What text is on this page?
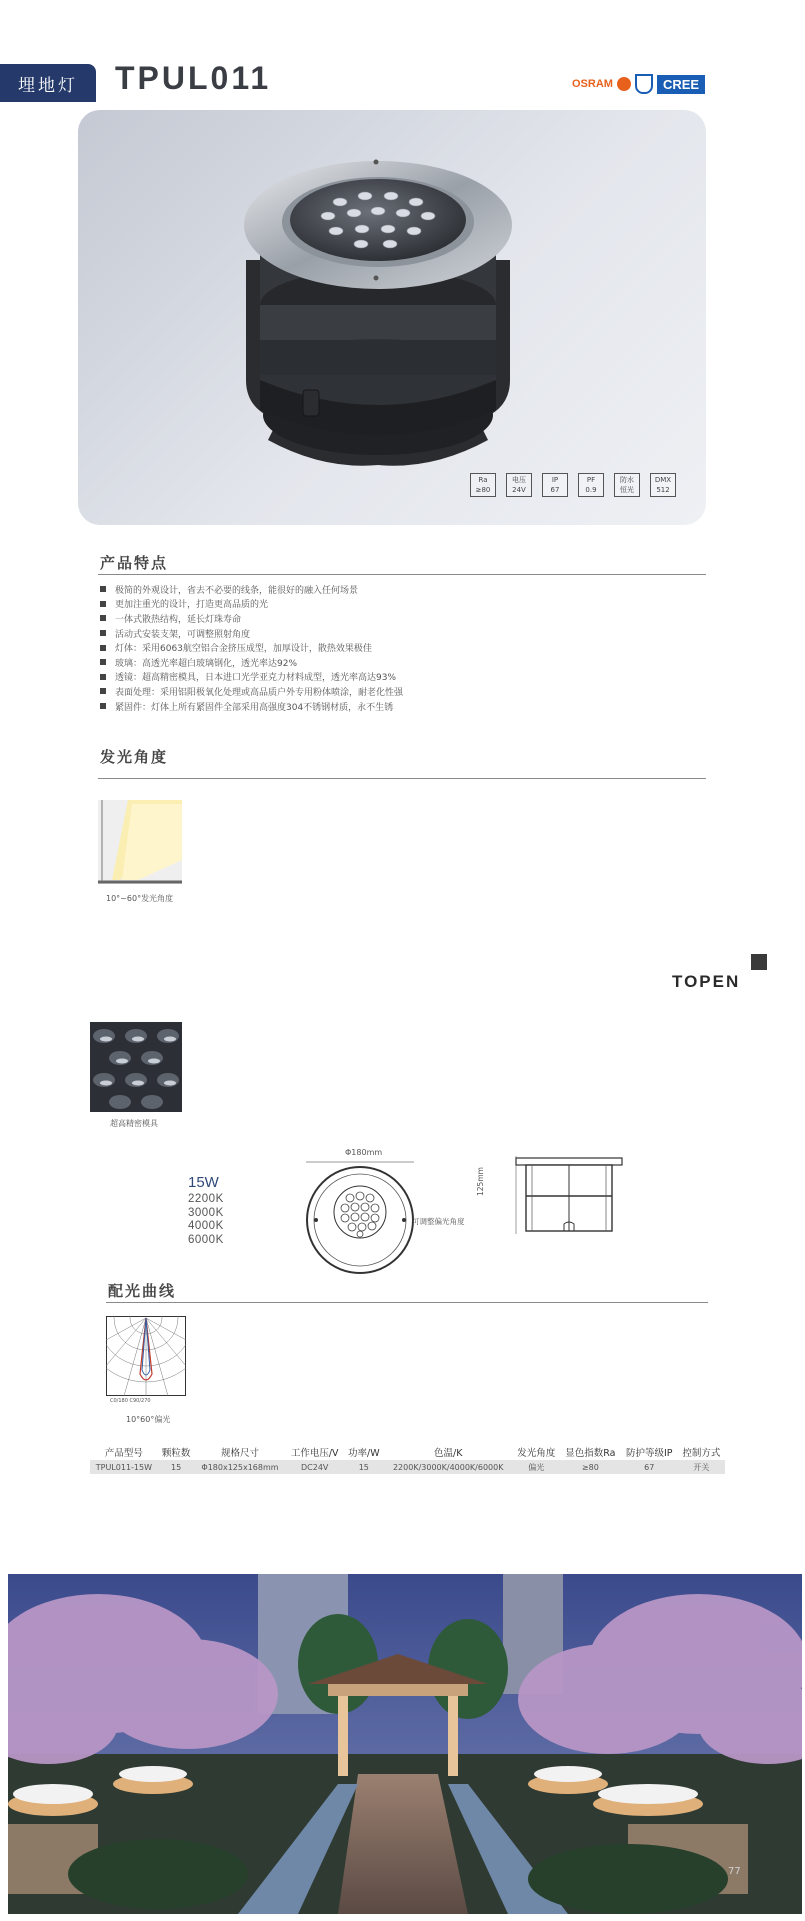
埋地灯	TPUL011	OSRAM	CREE
Ra
≥80
电压
24V
IP
67
PF
0.9
防水
恒光
DMX
512
产品特点
极简的外观设计，省去不必要的线条，能很好的融入任何场景
更加注重光的设计，打造更高品质的光
一体式散热结构，延长灯珠寿命
活动式安装支架，可调整照射角度
灯体：采用6063航空铝合金挤压成型，加厚设计，散热效果极佳
玻璃：高透光率超白玻璃钢化，透光率达92%
透镜：超高精密模具，日本进口光学亚克力材料成型，透光率高达93%
表面处理：采用铝阳极氧化处理或高品质户外专用粉体喷涂，耐老化性强
紧固件：灯体上所有紧固件全部采用高强度304不锈钢材质，永不生锈
发光角度
10°~60°发光角度
TOPEN
超高精密模具
15W
2200K
3000K
4000K
6000K
Φ180mm
可调整偏光角度
125mm
配光曲线
C0/180 C90/270
10°60°偏光
产品型号	颗粒数	规格尺寸	工作电压/V	功率/W	色温/K	发光角度	显色指数Ra	防护等级IP	控制方式
TPUL011-15W	15	Φ180x125x168mm	DC24V	15	2200K/3000K/4000K/6000K	偏光	≥80	67	开关
77
